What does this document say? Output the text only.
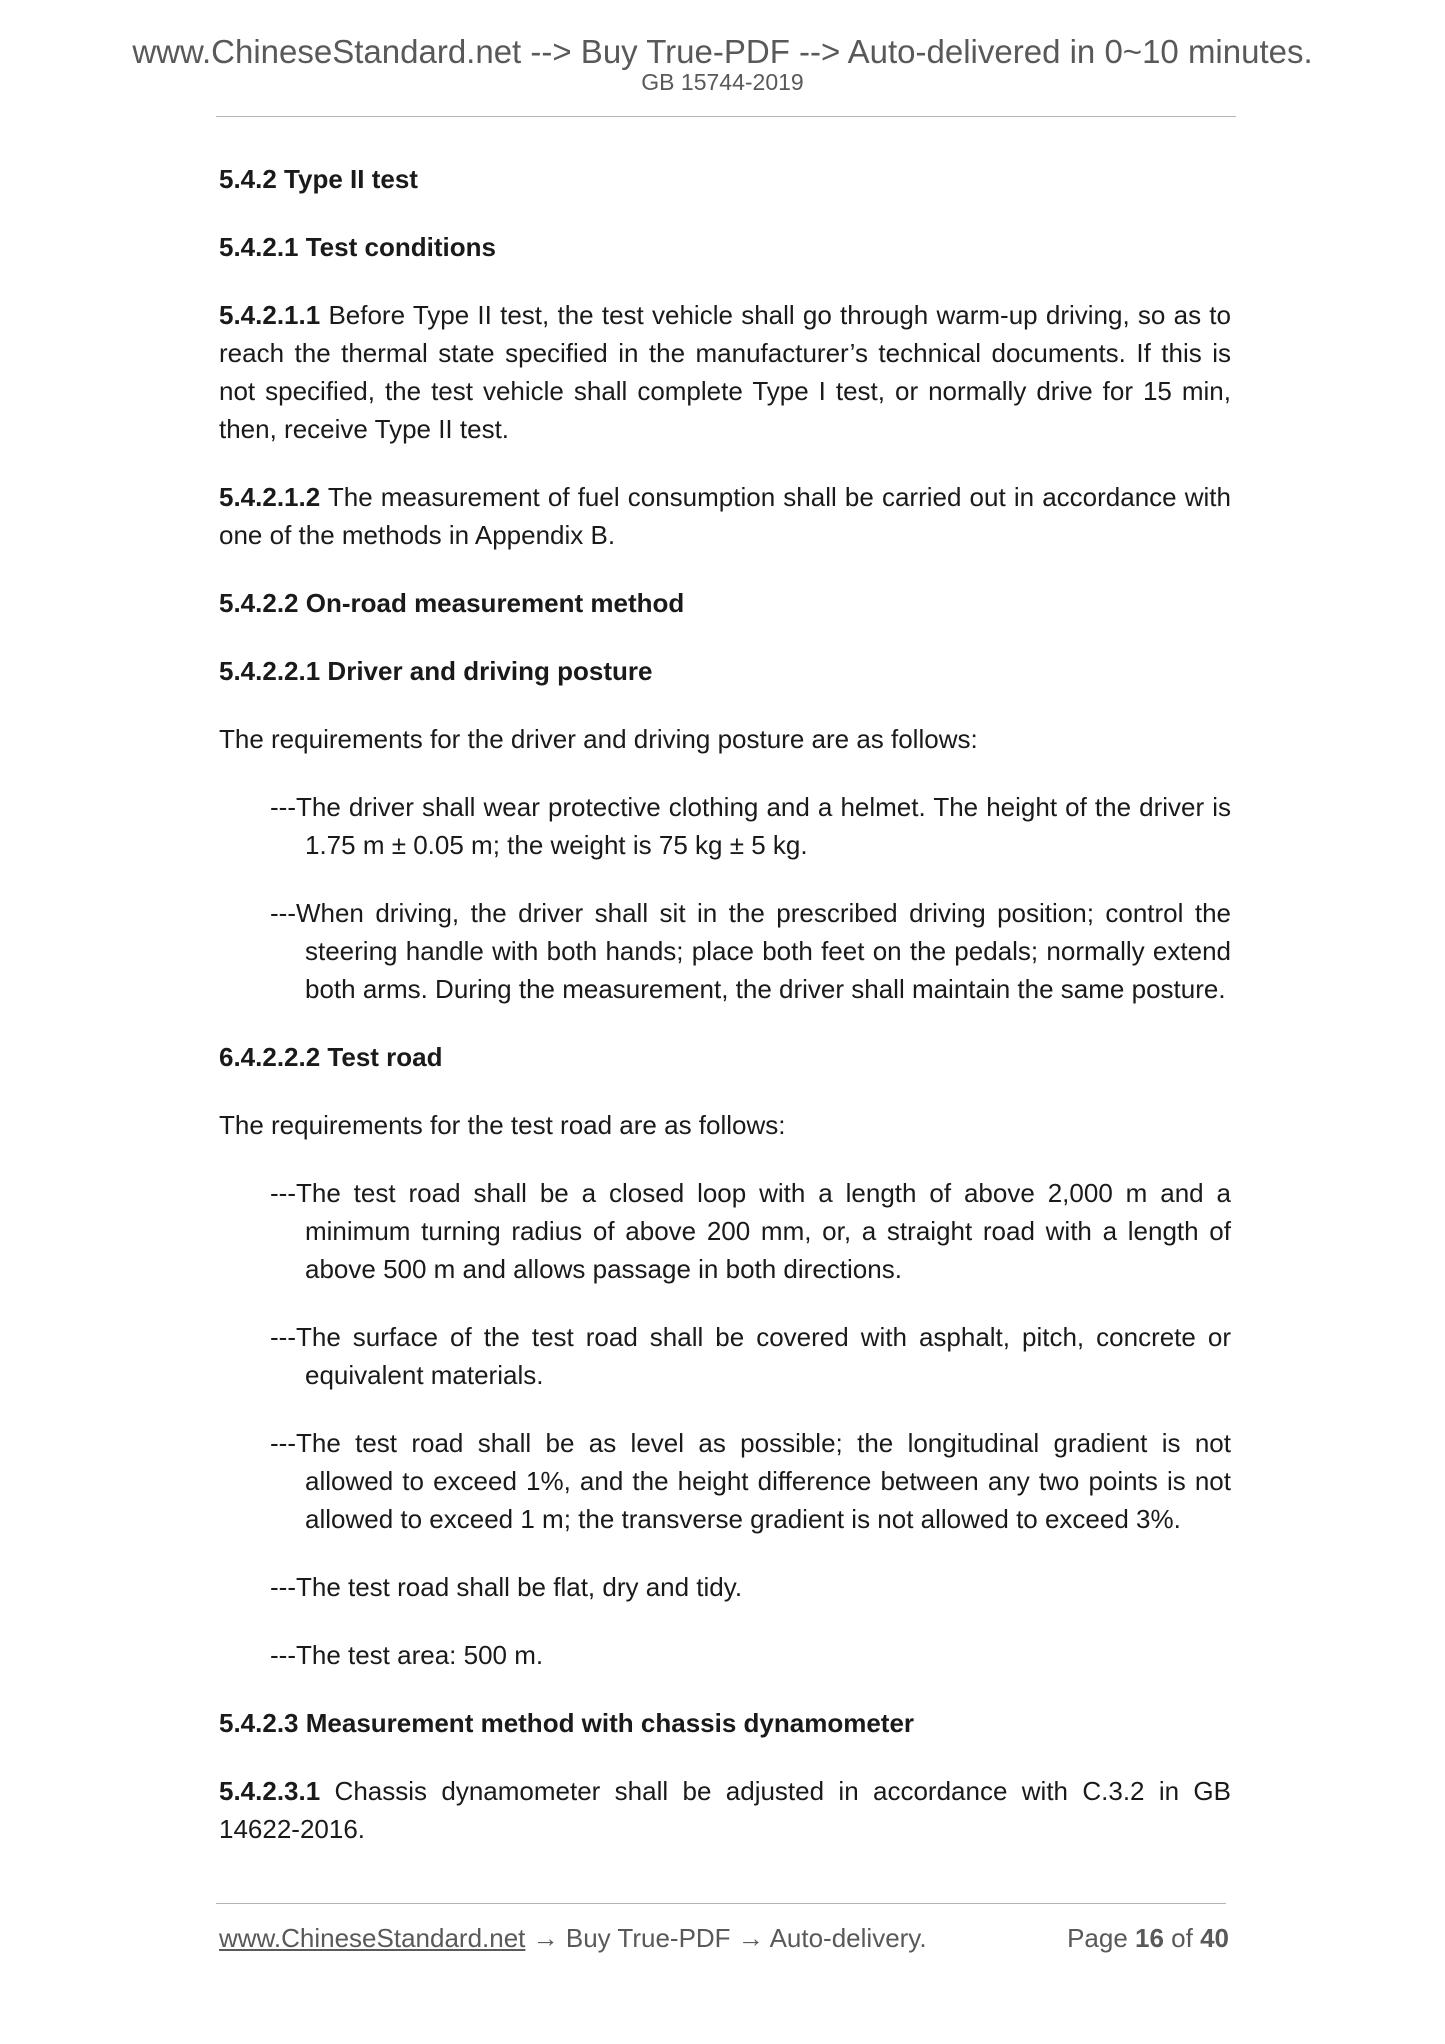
www.ChineseStandard.net --> Buy True-PDF --> Auto-delivered in 0~10 minutes.
GB 15744-2019
5.4.2 Type II test
5.4.2.1 Test conditions
5.4.2.1.1 Before Type II test, the test vehicle shall go through warm-up driving, so as to reach the thermal state specified in the manufacturer’s technical documents. If this is not specified, the test vehicle shall complete Type I test, or normally drive for 15 min, then, receive Type II test.
5.4.2.1.2 The measurement of fuel consumption shall be carried out in accordance with one of the methods in Appendix B.
5.4.2.2 On-road measurement method
5.4.2.2.1 Driver and driving posture
The requirements for the driver and driving posture are as follows:
---The driver shall wear protective clothing and a helmet. The height of the driver is 1.75 m ± 0.05 m; the weight is 75 kg ± 5 kg.
---When driving, the driver shall sit in the prescribed driving position; control the steering handle with both hands; place both feet on the pedals; normally extend both arms. During the measurement, the driver shall maintain the same posture.
6.4.2.2.2 Test road
The requirements for the test road are as follows:
---The test road shall be a closed loop with a length of above 2,000 m and a minimum turning radius of above 200 mm, or, a straight road with a length of above 500 m and allows passage in both directions.
---The surface of the test road shall be covered with asphalt, pitch, concrete or equivalent materials.
---The test road shall be as level as possible; the longitudinal gradient is not allowed to exceed 1%, and the height difference between any two points is not allowed to exceed 1 m; the transverse gradient is not allowed to exceed 3%.
---The test road shall be flat, dry and tidy.
---The test area: 500 m.
5.4.2.3 Measurement method with chassis dynamometer
5.4.2.3.1 Chassis dynamometer shall be adjusted in accordance with C.3.2 in GB 14622-2016.
www.ChineseStandard.net → Buy True-PDF → Auto-delivery.	Page 16 of 40
